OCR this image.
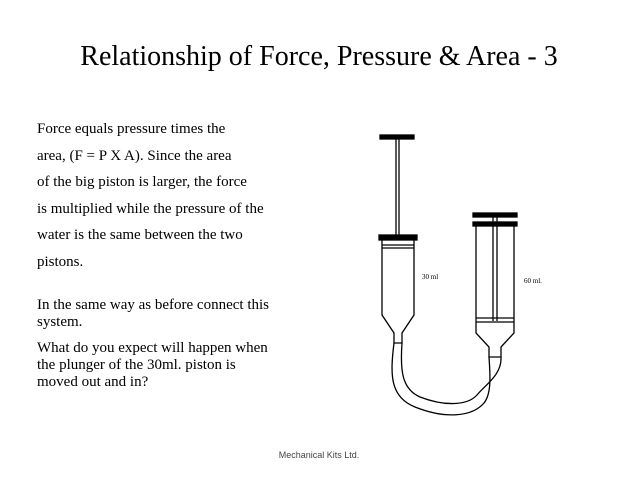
Relationship of Force, Pressure & Area - 3
Force equals pressure times the
area, (F = P X A). Since the area
of the big piston is larger, the force
is multiplied while the pressure of the
water is the same between the two
pistons.
In the same way as before connect this
system.
What do you expect will happen when
the plunger of the 30ml. piston is
moved out and in?
30 ml	60 ml.
Mechanical Kits Ltd.
